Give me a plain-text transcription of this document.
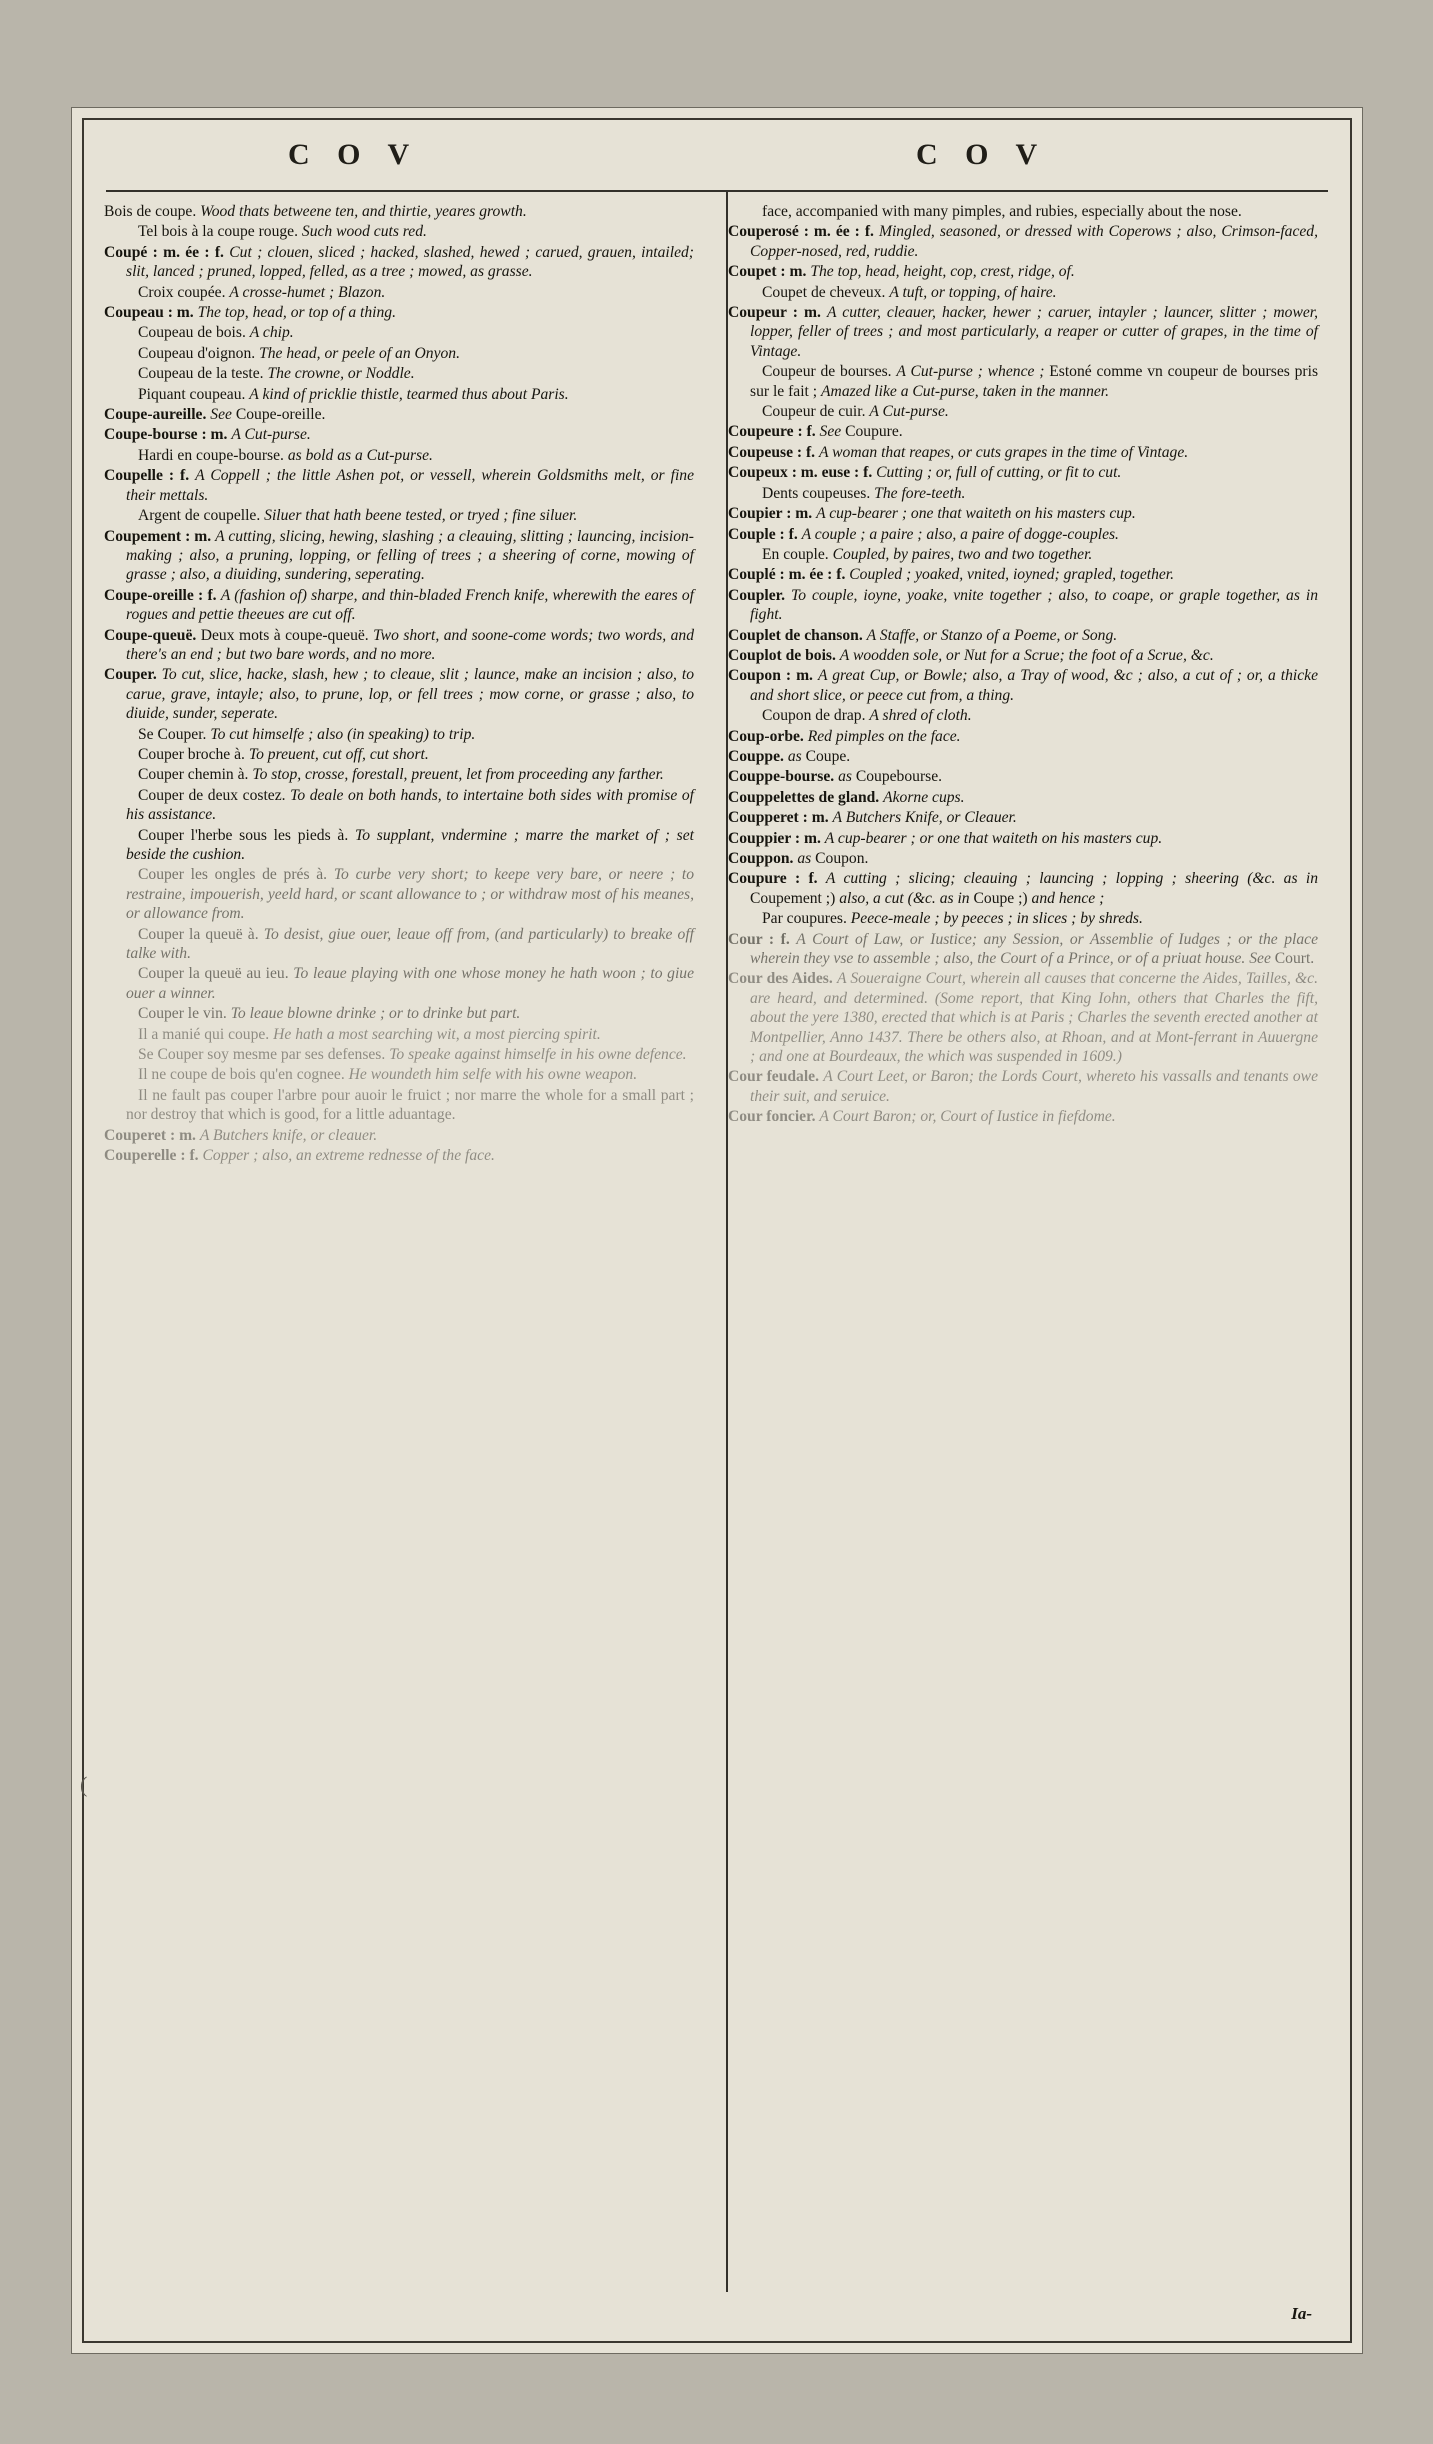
C O V	C O V

Bois de coupe. Wood thats betweene ten, and thirtie, yeares growth.

Tel bois à la coupe rouge. Such wood cuts red.

Coupé : m. ée : f. Cut ; clouen, sliced ; hacked, slashed, hewed ; carued, grauen, intailed; slit, lanced ; pruned, lopped, felled, as a tree ; mowed, as grasse.

Croix coupée. A crosse-humet ; Blazon.

Coupeau : m. The top, head, or top of a thing.

Coupeau de bois. A chip.

Coupeau d'oignon. The head, or peele of an Onyon.

Coupeau de la teste. The crowne, or Noddle.

Piquant coupeau. A kind of pricklie thistle, tearmed thus about Paris.

Coupe-aureille. See Coupe-oreille.

Coupe-bourse : m. A Cut-purse.

Hardi en coupe-bourse. as bold as a Cut-purse.

Coupelle : f. A Coppell ; the little Ashen pot, or vessell, wherein Goldsmiths melt, or fine their mettals.

Argent de coupelle. Siluer that hath beene tested, or tryed ; fine siluer.

Coupement : m. A cutting, slicing, hewing, slashing ; a cleauing, slitting ; launcing, incision-making ; also, a pruning, lopping, or felling of trees ; a sheering of corne, mowing of grasse ; also, a diuiding, sundering, seperating.

Coupe-oreille : f. A (fashion of) sharpe, and thin-bladed French knife, wherewith the eares of rogues and pettie theeues are cut off.

Coupe-queuë. Deux mots à coupe-queuë. Two short, and soone-come words; two words, and there's an end ; but two bare words, and no more.

Couper. To cut, slice, hacke, slash, hew ; to cleaue, slit ; launce, make an incision ; also, to carue, grave, intayle; also, to prune, lop, or fell trees ; mow corne, or grasse ; also, to diuide, sunder, seperate.

Se Couper. To cut himselfe ; also (in speaking) to trip.

Couper broche à. To preuent, cut off, cut short.

Couper chemin à. To stop, crosse, forestall, preuent, let from proceeding any farther.

Couper de deux costez. To deale on both hands, to intertaine both sides with promise of his assistance.

Couper l'herbe sous les pieds à. To supplant, vndermine ; marre the market of ; set beside the cushion.

Couper les ongles de prés à. To curbe very short; to keepe very bare, or neere ; to restraine, impouerish, yeeld hard, or scant allowance to ; or withdraw most of his meanes, or allowance from.

Couper la queuë à. To desist, giue ouer, leaue off from, (and particularly) to breake off talke with.

Couper la queuë au ieu. To leaue playing with one whose money he hath woon ; to giue ouer a winner.

Couper le vin. To leaue blowne drinke ; or to drinke but part.

Il a manié qui coupe. He hath a most searching wit, a most piercing spirit.

Se Couper soy mesme par ses defenses. To speake against himselfe in his owne defence.

Il ne coupe de bois qu'en cognee. He woundeth him selfe with his owne weapon.

Il ne fault pas couper l'arbre pour auoir le fruict ; nor marre the whole for a small part ; nor destroy that which is good, for a little aduantage.

Couperet : m. A Butchers knife, or cleauer.

Couperelle : f. Copper ; also, an extreme rednesse of the face.

face, accompanied with many pimples, and rubies, especially about the nose.

Couperosé : m. ée : f. Mingled, seasoned, or dressed with Coperows ; also, Crimson-faced, Copper-nosed, red, ruddie.

Coupet : m. The top, head, height, cop, crest, ridge, of.

Coupet de cheveux. A tuft, or topping, of haire.

Coupeur : m. A cutter, cleauer, hacker, hewer ; caruer, intayler ; launcer, slitter ; mower, lopper, feller of trees ; and most particularly, a reaper or cutter of grapes, in the time of Vintage.

Coupeur de bourses. A Cut-purse ; whence ; Estoné comme vn coupeur de bourses pris sur le fait ; Amazed like a Cut-purse, taken in the manner.

Coupeur de cuir. A Cut-purse.

Coupeure : f. See Coupure.

Coupeuse : f. A woman that reapes, or cuts grapes in the time of Vintage.

Coupeux : m. euse : f. Cutting ; or, full of cutting, or fit to cut.

Dents coupeuses. The fore-teeth.

Coupier : m. A cup-bearer ; one that waiteth on his masters cup.

Couple : f. A couple ; a paire ; also, a paire of dogge-couples.

En couple. Coupled, by paires, two and two together.

Couplé : m. ée : f. Coupled ; yoaked, vnited, ioyned; grapled, together.

Coupler. To couple, ioyne, yoake, vnite together ; also, to coape, or graple together, as in fight.

Couplet de chanson. A Staffe, or Stanzo of a Poeme, or Song.

Couplot de bois. A woodden sole, or Nut for a Scrue; the foot of a Scrue, &c.

Coupon : m. A great Cup, or Bowle; also, a Tray of wood, &c ; also, a cut of ; or, a thicke and short slice, or peece cut from, a thing.

Coupon de drap. A shred of cloth.

Coup-orbe. Red pimples on the face.

Couppe. as Coupe.

Couppe-bourse. as Coupebourse.

Couppelettes de gland. Akorne cups.

Coupperet : m. A Butchers Knife, or Cleauer.

Couppier : m. A cup-bearer ; or one that waiteth on his masters cup.

Couppon. as Coupon.

Coupure : f. A cutting ; slicing; cleauing ; launcing ; lopping ; sheering (&c. as in Coupement ;) also, a cut (&c. as in Coupe ;) and hence ;

Par coupures. Peece-meale ; by peeces ; in slices ; by shreds.

Cour : f. A Court of Law, or Iustice; any Session, or Assemblie of Iudges ; or the place wherein they vse to assemble ; also, the Court of a Prince, or of a priuat house. See Court.

Cour des Aides. A Soueraigne Court, wherein all causes that concerne the Aides, Tailles, &c. are heard, and determined. (Some report, that King Iohn, others that Charles the fift, about the yere 1380, erected that which is at Paris ; Charles the seventh erected another at Montpellier, Anno 1437. There be others also, at Rhoan, and at Mont-ferrant in Auuergne ; and one at Bourdeaux, the which was suspended in 1609.)

Cour feudale. A Court Leet, or Baron; the Lords Court, whereto his vassalls and tenants owe their suit, and seruice.

Cour foncier. A Court Baron; or, Court of Iustice in fiefdome.

Ia-
(
